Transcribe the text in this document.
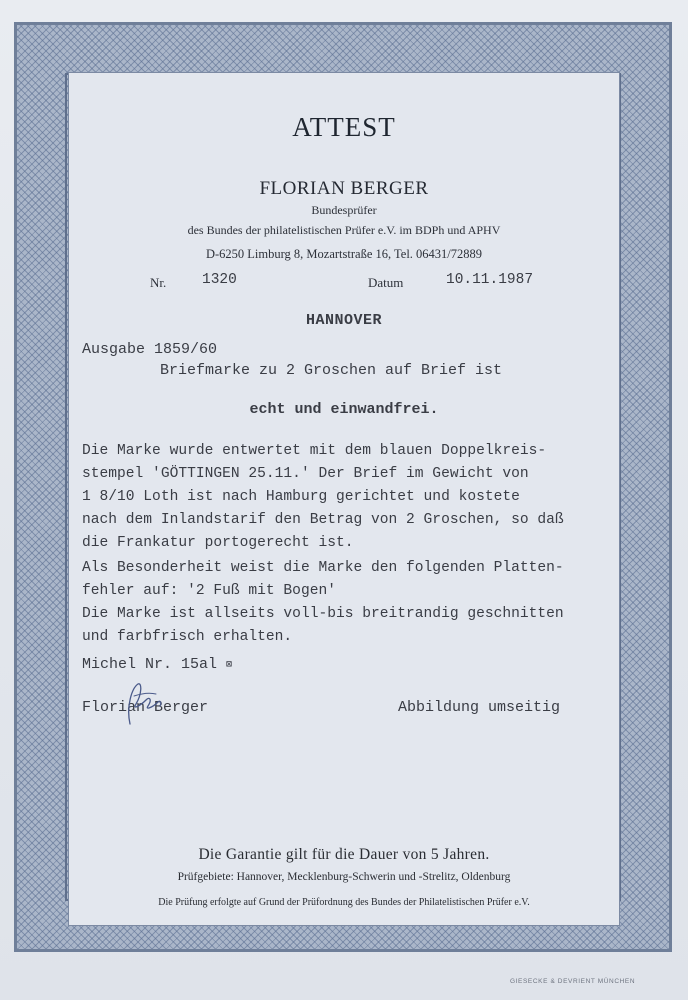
ATTEST
FLORIAN BERGER
Bundesprüfer
des Bundes der philatelistischen Prüfer e.V. im BDPh und APHV
D-6250 Limburg 8, Mozartstraße 16, Tel. 06431/72889
Nr. 1320	Datum	10.11.1987
HANNOVER
Ausgabe 1859/60
Briefmarke zu 2 Groschen auf Brief ist
echt und einwandfrei.
Die Marke wurde entwertet mit dem blauen Doppelkreis-
stempel 'GÖTTINGEN 25.11.' Der Brief im Gewicht von
1 8/10 Loth ist nach Hamburg gerichtet und kostete
nach dem Inlandstarif den Betrag von 2 Groschen, so daß
die Frankatur portogerecht ist.
Als Besonderheit weist die Marke den folgenden Platten-
fehler auf: '2 Fuß mit Bogen'
Die Marke ist allseits voll-bis breitrandig geschnitten
und farbfrisch erhalten.
Michel Nr. 15al ⊠
Florian Berger	Abbildung umseitig
Die Garantie gilt für die Dauer von 5 Jahren.
Prüfgebiete: Hannover, Mecklenburg-Schwerin und -Strelitz, Oldenburg
Die Prüfung erfolgte auf Grund der Prüfordnung des Bundes der Philatelistischen Prüfer e.V.
GIESECKE & DEVRIENT MÜNCHEN
